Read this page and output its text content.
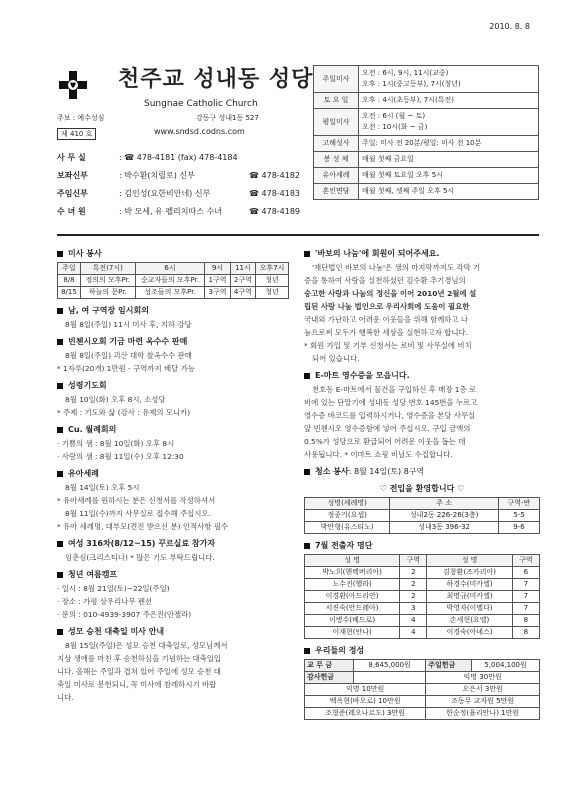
2010. 8. 8
천주교 성내동 성당
Sungnae Catholic Church
주보 : 예수성심	강동구 성내1동 527
제 410 호	www.sndsd.codns.com
사 무 실	: ☎ 478-4181 (fax) 478-4184
보좌신부	: 박수환(치릴로) 신부	☎ 478-4182
주임신부	: 김인성(요한비안네) 신부	☎ 478-4183
수 녀 원	: 박 모세, 유 펠리치따스 수녀	☎ 478-4189
주일미사	오전 : 6시, 9시, 11시(교중)
오후 : 1시(중고등부), 7시(청년)
토 요 일	오후 : 4시(초등부), 7시(특전)
평일미사	오전 : 6시 (월 ~ 토)
오전 : 10시(화 ~ 금)
고해성사	주일: 미사 전 20분/평일: 미사 전 10분
봉 성 체	매월 첫째 금요일
유아세례	매월 첫째 토요일 오후 5시
혼인면담	매월 첫째, 셋째 주일 오후 5시
미사 봉사
주일	특전(7시)	6시	9시	11시	오후7시
8/8	정의의 모후Pr.	순교자들의 모후Pr.	1구역	2구역	청년
8/15	하늘의 문Pr.	성조들의 모후Pr.	3구역	4구역	청년
남, 여 구역장 임시회의
8월 8일(주일) 11시 미사 후, 지하 강당
빈첸시오회 기금 마련 옥수수 판매
8월 8일(주일) 괴산 대학 찰옥수수 판매
* 1자루(20개) 1만원 - 구역까지 배달 가능
성령기도회
8월 10일(화) 오후 8시, 소성당
* 주제 : 기도와 삶 (강사 : 유제의 모니카)
Cu. 월례회의
· 기쁨의 샘 : 8월 10일(화) 오후 8시
· 사랑의 샘 : 8월 11일(수) 오후 12:30
유아세례
8월 14일(토) 오후 5시
* 유아세례를 원하시는 분은 신청서를 작성하셔서
8월 11일(수)까지 사무실로 접수해 주십시오.
* 유아 세례명, 대부모(견진 받으신 분) 인적사항 필수
여성 316차(8/12~15) 꾸르실료 참가자
임춘심(크리스티나) * 많은 기도 부탁드립니다.
청년 여름캠프
· 일시 : 8월 21일(토)~22일(주일)
· 장소 : 가평 상우리나무 펜션
· 문의 : 010-4939-3907 주은진(안젤라)
성모 승천 대축일 미사 안내
8월 15일(주일)은 성모 승천 대축일로, 성모님께서
지상 생애를 마친 후 승천하심을 기념하는 대축일입
니다. 올해는 주일과 겹쳐 있어 주일에 성모 승천 대
축일 미사로 봉헌되니, 꼭 미사에 참례하시기 바랍
니다.
'바보의 나눔'에 회원이 되어주세요.
'재단법인 바보의 나눔'은 생의 마지막까지도 각막 기
증을 통하여 사랑을 실천하셨던 김수환 추기경님의
숭고한 사랑과 나눔의 정신을 이어 2010년 2월에 설
립된 사랑 나눔 법인으로 우리사회에 도움이 필요한
국내외 가난하고 어려운 이웃들을 위해 함께하고 나
눔으로써 모두가 행복한 세상을 실현하고자 합니다.
* 회원 가입 및 기부 신청서는 로비 및 사무실에 비치
되어 있습니다.
E-마트 영수증을 모읍니다.
천호동 E-마트에서 물건을 구입하신 후 매장 1층 로
비에 있는 단말기에 성내동 성당 번호 145번을 누르고
영수증 바코드를 입력하시거나, 영수증을 본당 사무실
앞 빈첸시오 영수증함에 넣어 주십시오. 구입 금액의
0.5%가 성당으로 환급되어 어려운 이웃을 돕는 데
사용됩니다. * 이마트 쇼핑 비닐도 수집합니다.
청소 봉사 : 8월 14일(토) 8구역
♡ 전입을 환영합니다 ♡
성명(세례명)	주 소	구역-반
정종기(요셉)	성내2동 226-26(3층)	5-5
박만형(유스티노)	성내3동 396-32	9-6
7월 전출자 명단
성 명	구역	성 명	구역
박노희(헨렉버리아)	2	김창환(즈카리아)	6
노수진(헬라)	2	하경수(미카엘)	7
이경환(아드리안)	2	최명규(미카엘)	7
서진숙(안드레아)	3	박영자(이멜다)	7
이병수(베드로)	4	손세현(요엘)	8
이재현(안나)	4	이경숙(아녜스)	8
우리들의 정성
교 무 금	8,645,000원	주일헌금	5,004,100원
감사헌금		익명 30만원	
익명 10만원		오은서 3만원	
백옥현(바오로) 10만원		조동무 교자원 5만원	
조형준(레오나르도) 3만원		한순정(율리안나) 1만원	
